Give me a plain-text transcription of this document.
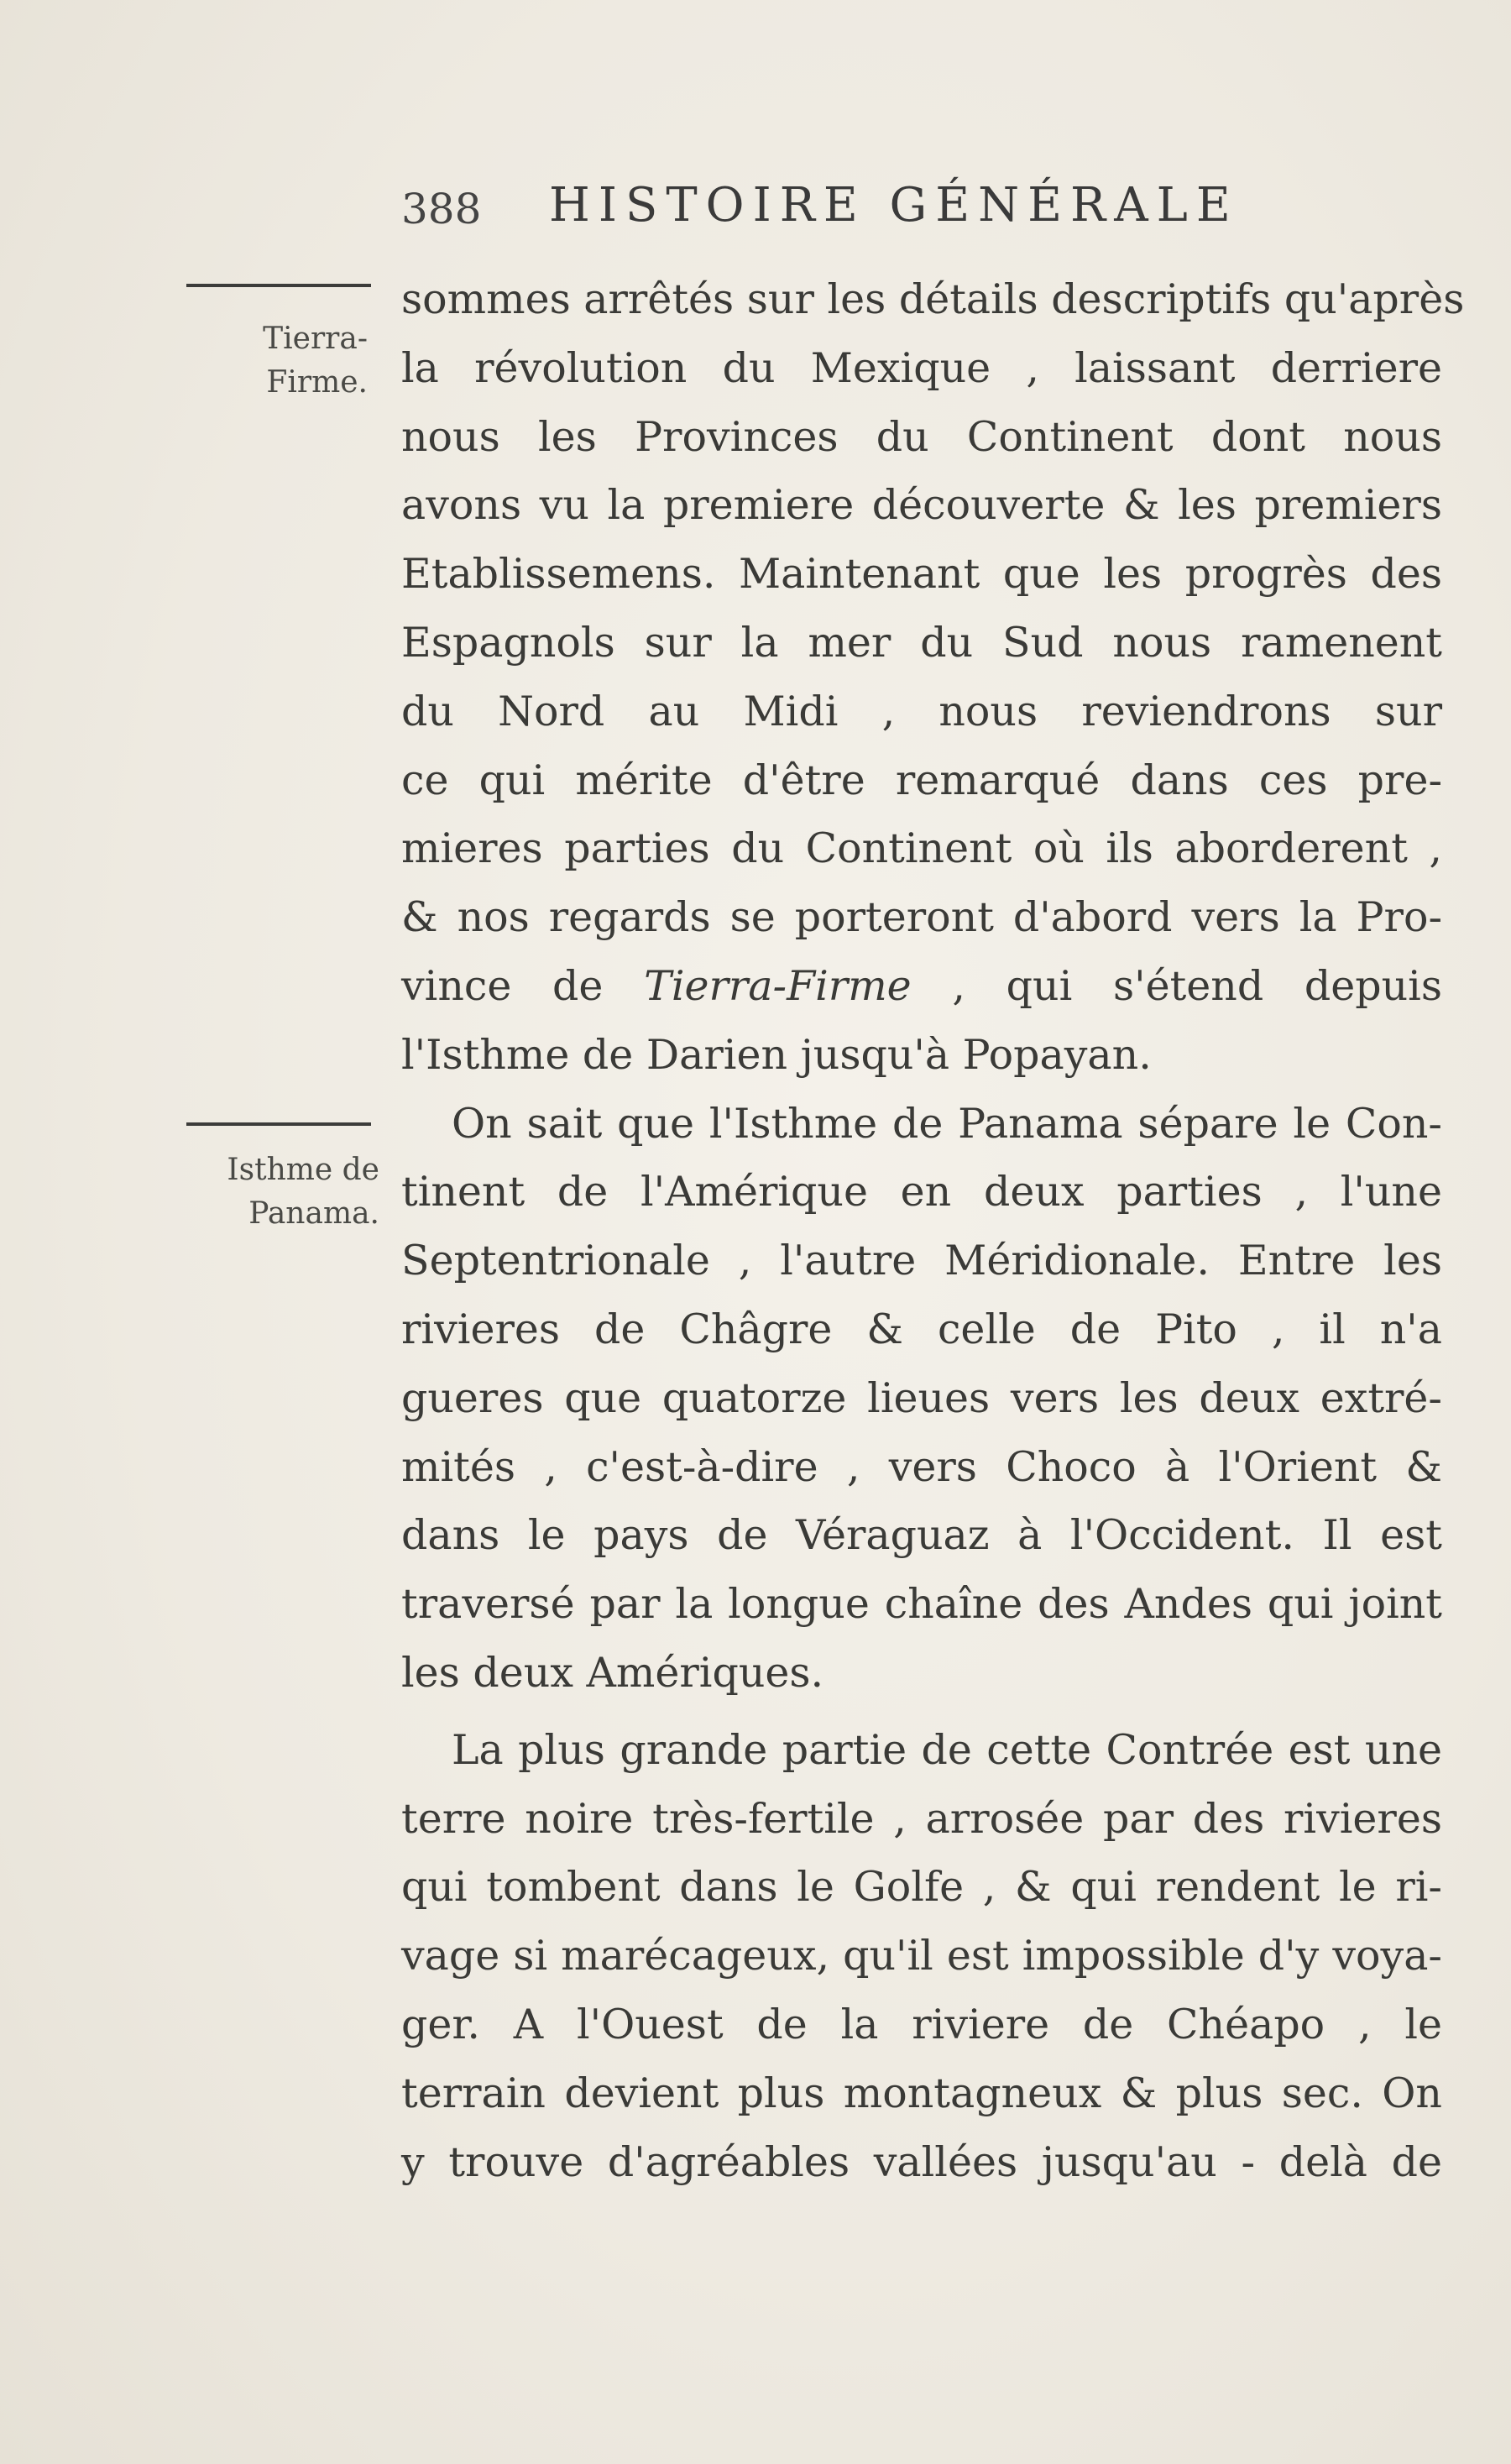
388 HISTOIRE GÉNÉRALE
Tierra-
Firme.
Isthme de
Panama.
sommes arrêtés sur les détails descriptifs qu'après
la révolution du Mexique , laissant derriere
nous les Provinces du Continent dont nous
avons vu la premiere découverte & les premiers
Etablissemens. Maintenant que les progrès des
Espagnols sur la mer du Sud nous ramenent
du Nord au Midi , nous reviendrons sur
ce qui mérite d'être remarqué dans ces pre-
mieres parties du Continent où ils aborderent ,
& nos regards se porteront d'abord vers la Pro-
vince de Tierra-Firme , qui s'étend depuis
l'Isthme de Darien jusqu'à Popayan.
On sait que l'Isthme de Panama sépare le Con-
tinent de l'Amérique en deux parties , l'une
Septentrionale , l'autre Méridionale. Entre les
rivieres de Châgre & celle de Pito , il n'a
gueres que quatorze lieues vers les deux extré-
mités , c'est-à-dire , vers Choco à l'Orient &
dans le pays de Véraguaz à l'Occident. Il est
traversé par la longue chaîne des Andes qui joint
les deux Amériques.
La plus grande partie de cette Contrée est une
terre noire très-fertile , arrosée par des rivieres
qui tombent dans le Golfe , & qui rendent le ri-
vage si marécageux, qu'il est impossible d'y voya-
ger. A l'Ouest de la riviere de Chéapo , le
terrain devient plus montagneux & plus sec. On
y trouve d'agréables vallées jusqu'au - delà de
